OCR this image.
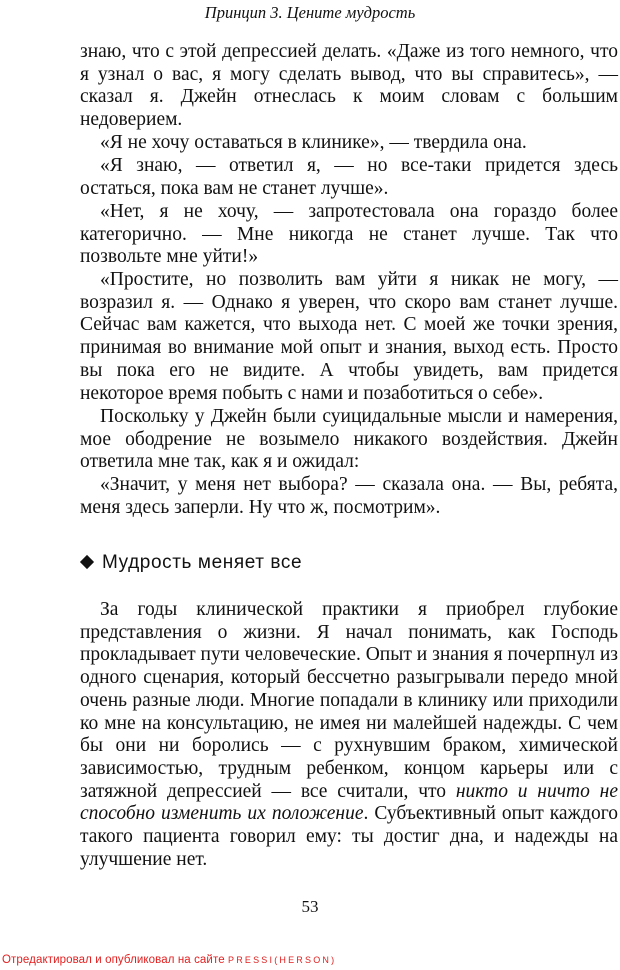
Принцип 3. Цените мудрость

знаю, что с этой депрессией делать. «Даже из того немного, что я узнал о вас, я могу сделать вывод, что вы справитесь», — сказал я. Джейн отнеслась к моим словам с большим недоверием.

«Я не хочу оставаться в клинике», — твердила она.

«Я знаю, — ответил я, — но все-таки придется здесь остаться, пока вам не станет лучше».

«Нет, я не хочу, — запротестовала она гораздо более категорично. — Мне никогда не станет лучше. Так что позвольте мне уйти!»

«Простите, но позволить вам уйти я никак не могу, — возразил я. — Однако я уверен, что скоро вам станет лучше. Сейчас вам кажется, что выхода нет. С моей же точки зрения, принимая во внимание мой опыт и знания, выход есть. Просто вы пока его не видите. А чтобы увидеть, вам придется некоторое время побыть с нами и позаботиться о себе».

Поскольку у Джейн были суицидальные мысли и намерения, мое ободрение не возымело никакого воздействия. Джейн ответила мне так, как я и ожидал:

«Значит, у меня нет выбора? — сказала она. — Вы, ребята, меня здесь заперли. Ну что ж, посмотрим».

Мудрость меняет все

За годы клинической практики я приобрел глубокие представления о жизни. Я начал понимать, как Господь прокладывает пути человеческие. Опыт и знания я почерпнул из одного сценария, который бессчетно разыгрывали передо мной очень разные люди. Многие попадали в клинику или приходили ко мне на консультацию, не имея ни малейшей надежды. С чем бы они ни боролись — с рухнувшим браком, химической зависимостью, трудным ребенком, концом карьеры или с затяжной депрессией — все считали, что никто и ничто не способно изменить их положение. Субъективный опыт каждого такого пациента говорил ему: ты достиг дна, и надежды на улучшение нет.

53
Отредактировал и опубликовал на сайте PRESSI(HERSON)
